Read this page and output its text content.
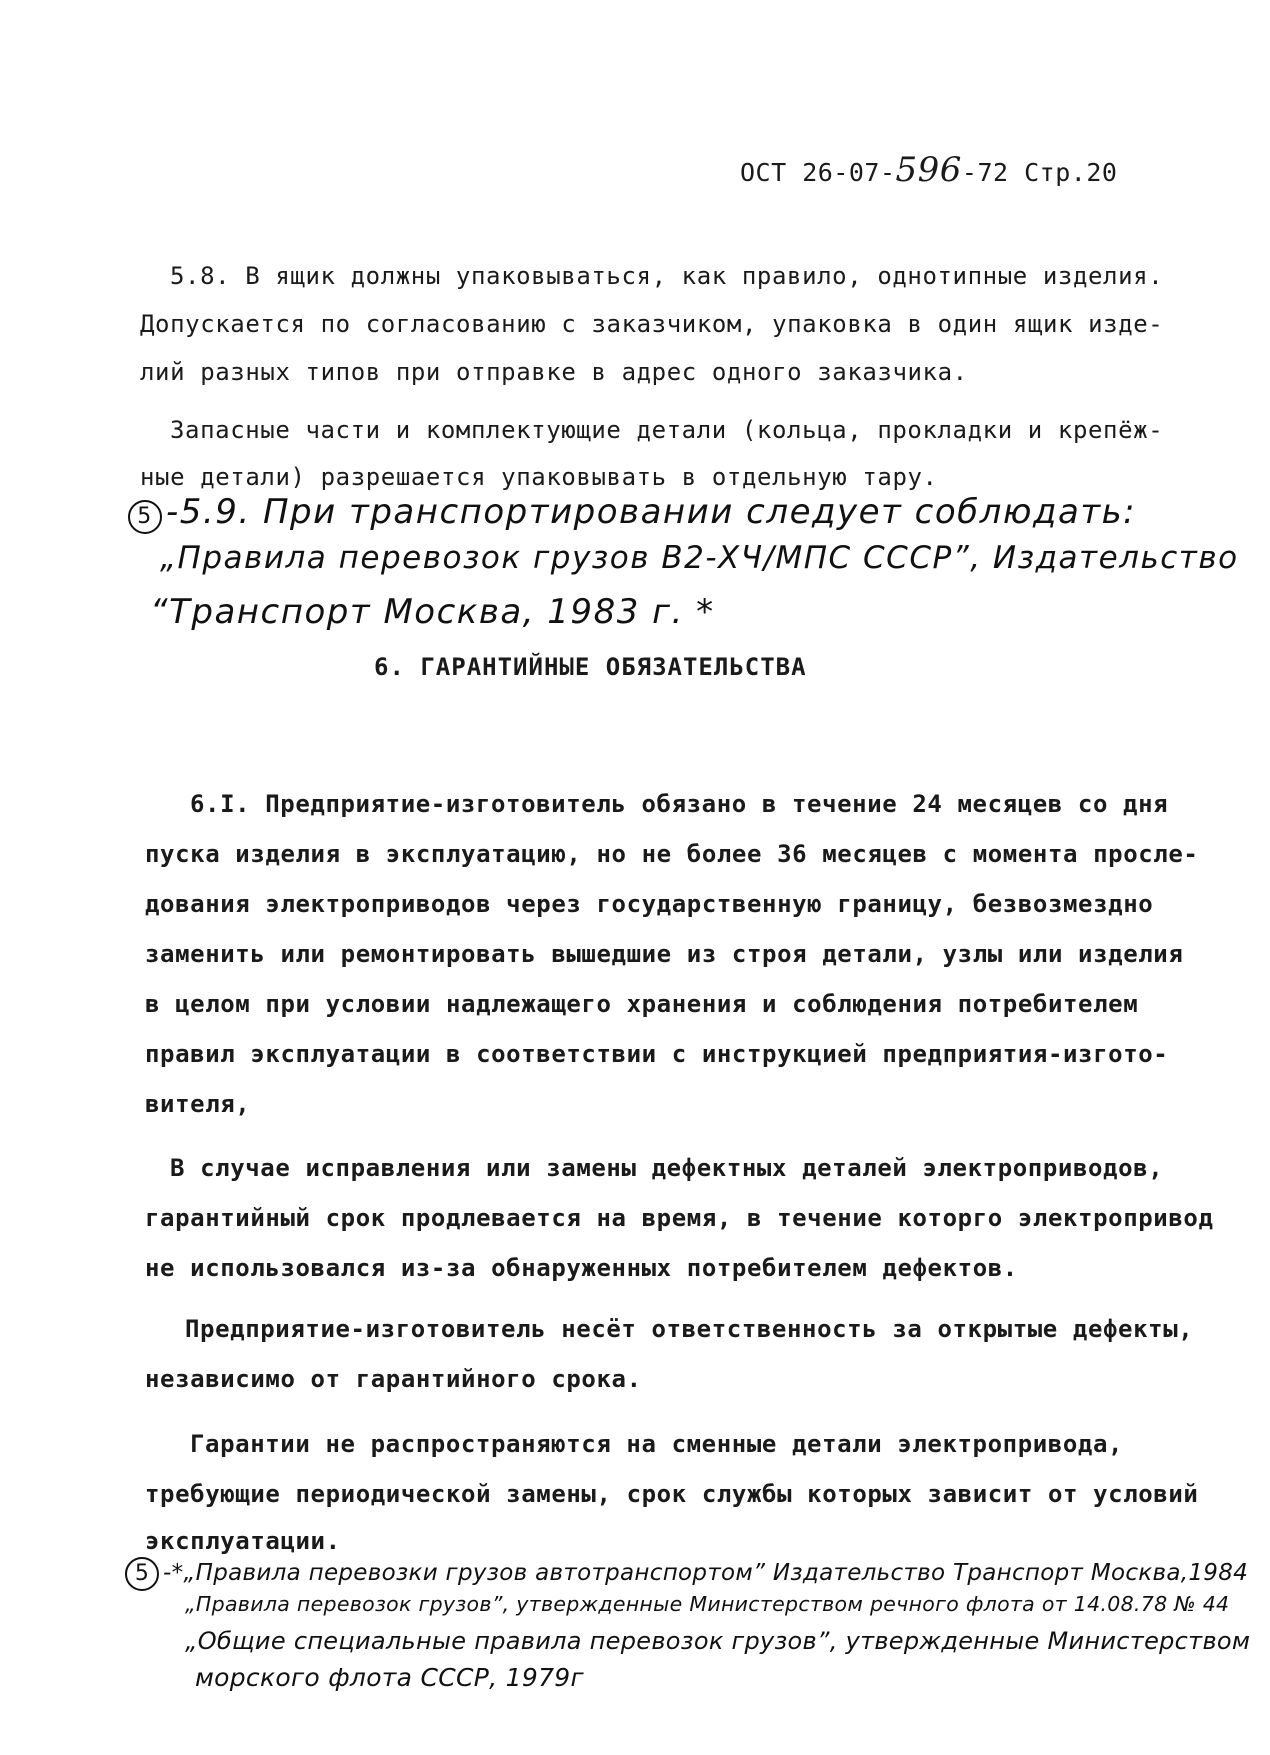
ОСТ 26-07-596-72 Стр.20
5.8. В ящик должны упаковываться, как правило, однотипные изделия.
Допускается по согласованию с заказчиком, упаковка в один ящик изде-
лий разных типов при отправке в адрес одного заказчика.
Запасные части и комплектующие детали (кольца, прокладки и крепёж-
ные детали) разрешается упаковывать в отдельную тару.
5 -5.9. При транспортировании следует соблюдать:
„Правила перевозок грузов В2-ХЧ/МПС СССР”, Издательство
“Транспорт Москва, 1983 г. *
6. ГАРАНТИЙНЫЕ ОБЯЗАТЕЛЬСТВА
6.I. Предприятие-изготовитель обязано в течение 24 месяцев со дня
пуска изделия в эксплуатацию, но не более 36 месяцев с момента просле-
дования электроприводов через государственную границу, безвозмездно
заменить или ремонтировать вышедшие из строя детали, узлы или изделия
в целом при условии надлежащего хранения и соблюдения потребителем
правил эксплуатации в соответствии с инструкцией предприятия-изгото-
вителя,
В случае исправления или замены дефектных деталей электроприводов,
гарантийный срок продлевается на время, в течение которго электропривод
не использовался из-за обнаруженных потребителем дефектов.
Предприятие-изготовитель несёт ответственность за открытые дефекты,
независимо от гарантийного срока.
Гарантии не распространяются на сменные детали электропривода,
требующие периодической замены, срок службы которых зависит от условий
эксплуатации.
5 -*„Правила перевозки грузов автотранспортом” Издательство Транспорт Москва,1984
„Правила перевозок грузов”, утвержденные Министерством речного флота от 14.08.78 № 44
„Общие специальные правила перевозок грузов”, утвержденные Министерством
морского флота СССР, 1979г
